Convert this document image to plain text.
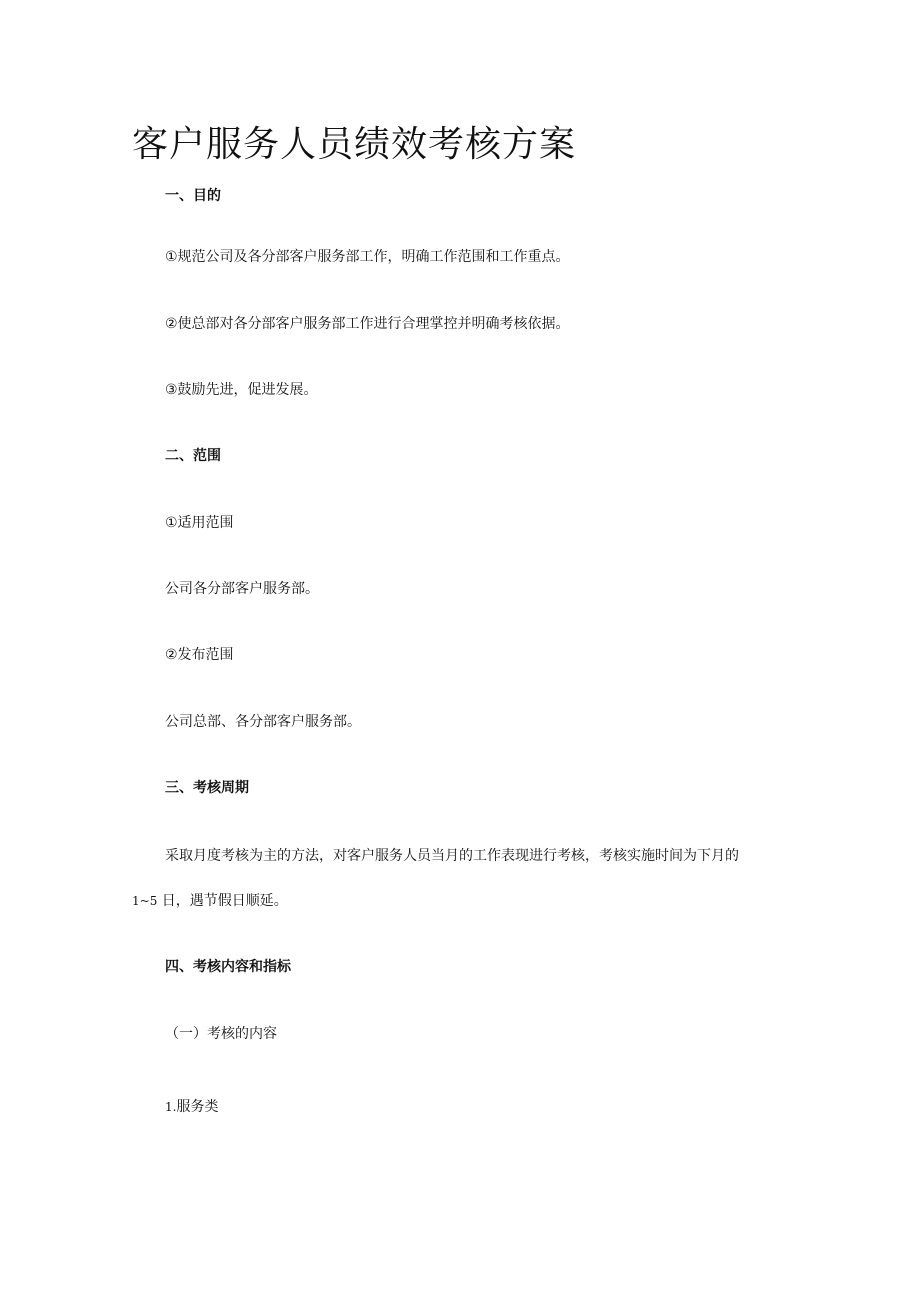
客户服务人员绩效考核方案
一、目的
①规范公司及各分部客户服务部工作，明确工作范围和工作重点。
②使总部对各分部客户服务部工作进行合理掌控并明确考核依据。
③鼓励先进，促进发展。
二、范围
①适用范围
公司各分部客户服务部。
②发布范围
公司总部、各分部客户服务部。
三、考核周期
采取月度考核为主的方法，对客户服务人员当月的工作表现进行考核，考核实施时间为下月的
1~5 日，遇节假日顺延。
四、考核内容和指标
（一）考核的内容
1.服务类
